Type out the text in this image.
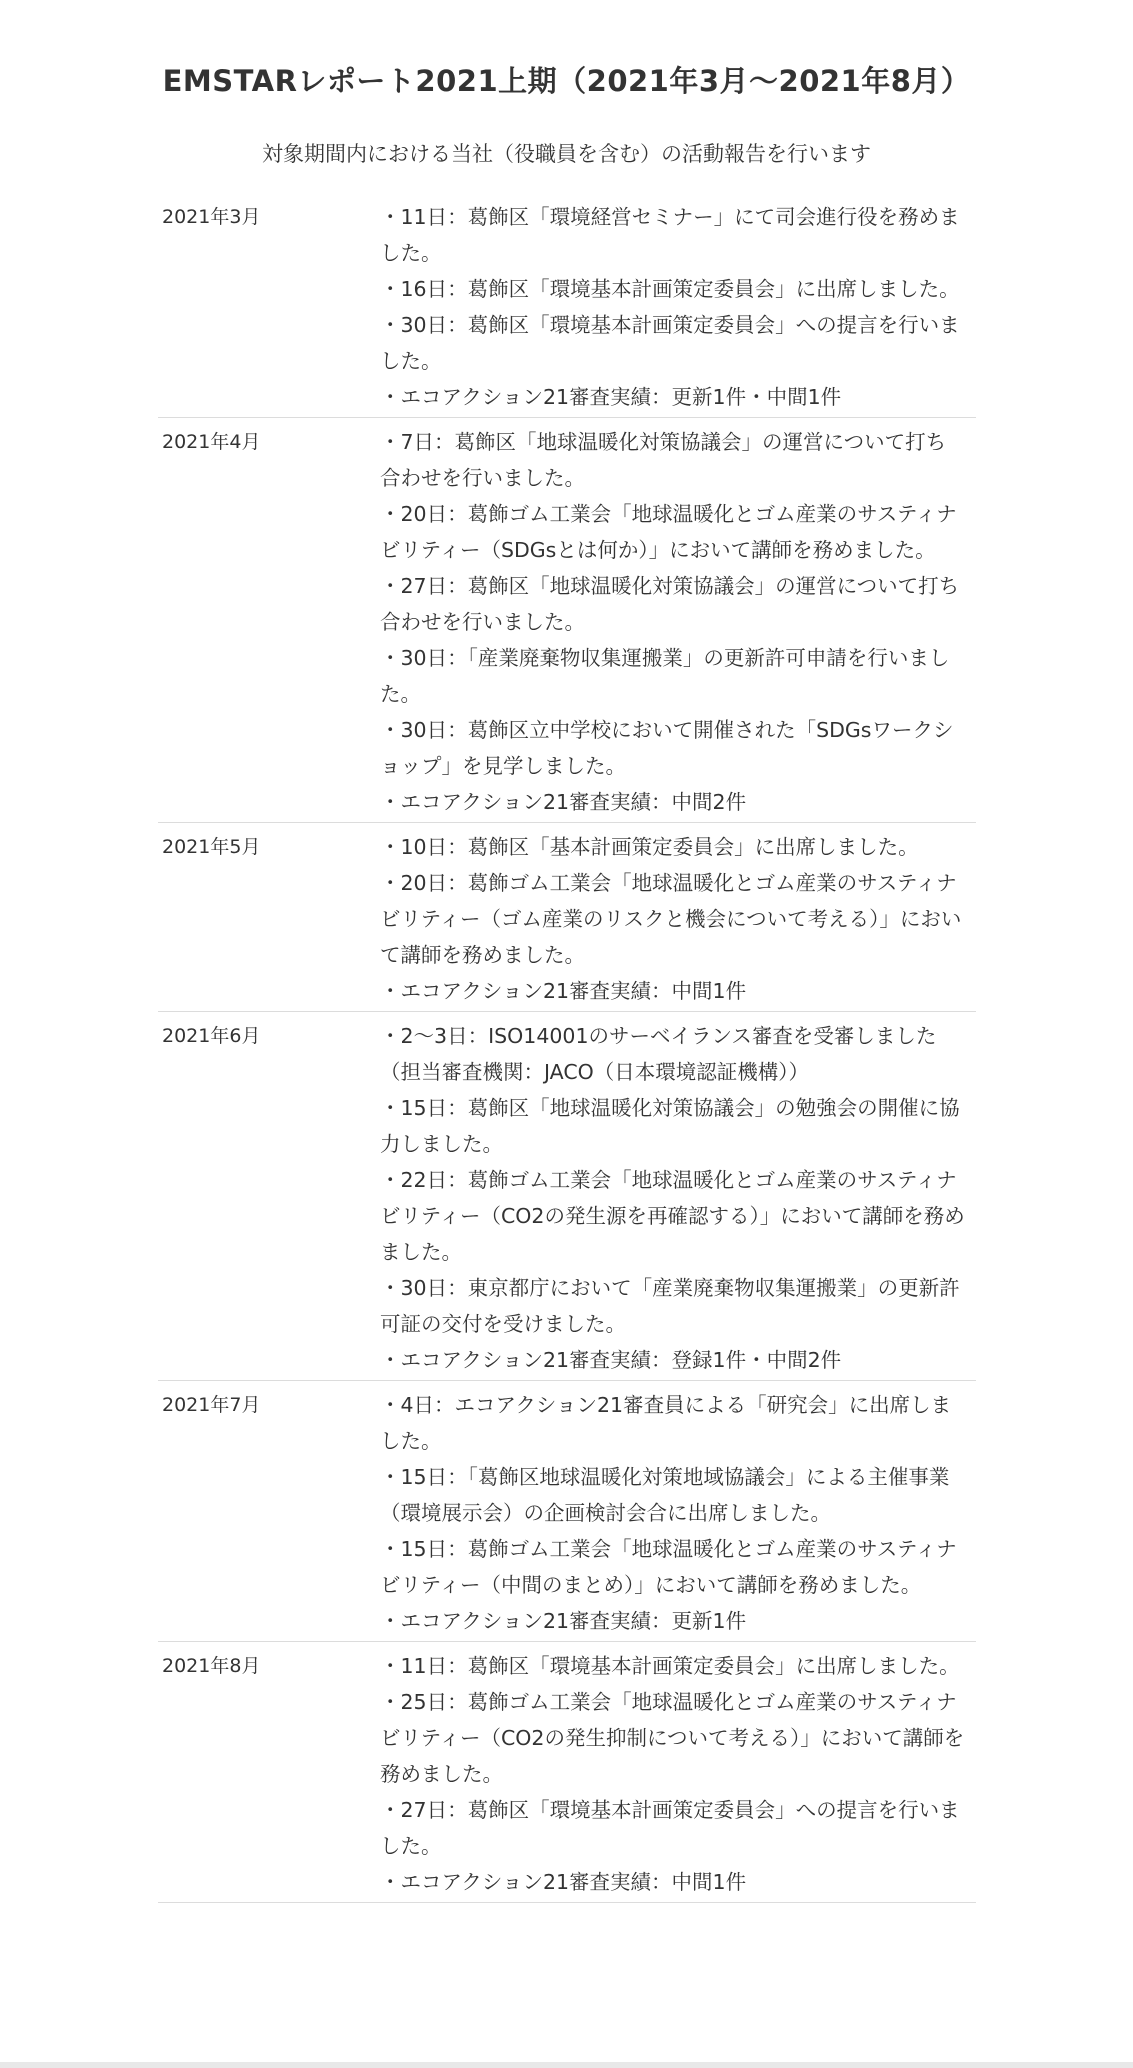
EMSTARレポート2021上期（2021年3月～2021年8月）

対象期間内における当社（役職員を含む）の活動報告を行います

2021年3月	・11日：葛飾区「環境経営セミナー」にて司会進行役を務めました。
・16日：葛飾区「環境基本計画策定委員会」に出席しました。
・30日：葛飾区「環境基本計画策定委員会」への提言を行いました。
・エコアクション21審査実績：更新1件・中間1件
2021年4月	・7日：葛飾区「地球温暖化対策協議会」の運営について打ち合わせを行いました。
・20日：葛飾ゴム工業会「地球温暖化とゴム産業のサスティナビリティー（SDGsとは何か）」において講師を務めました。
・27日：葛飾区「地球温暖化対策協議会」の運営について打ち合わせを行いました。
・30日：「産業廃棄物収集運搬業」の更新許可申請を行いました。
・30日：葛飾区立中学校において開催された「SDGsワークショップ」を見学しました。
・エコアクション21審査実績：中間2件
2021年5月	・10日：葛飾区「基本計画策定委員会」に出席しました。
・20日：葛飾ゴム工業会「地球温暖化とゴム産業のサスティナビリティー（ゴム産業のリスクと機会について考える）」において講師を務めました。
・エコアクション21審査実績：中間1件
2021年6月	・2～3日：ISO14001のサーベイランス審査を受審しました（担当審査機関：JACO（日本環境認証機構））
・15日：葛飾区「地球温暖化対策協議会」の勉強会の開催に協力しました。
・22日：葛飾ゴム工業会「地球温暖化とゴム産業のサスティナビリティー（CO2の発生源を再確認する）」において講師を務めました。
・30日：東京都庁において「産業廃棄物収集運搬業」の更新許可証の交付を受けました。
・エコアクション21審査実績：登録1件・中間2件
2021年7月	・4日：エコアクション21審査員による「研究会」に出席しました。
・15日：「葛飾区地球温暖化対策地域協議会」による主催事業（環境展示会）の企画検討会合に出席しました。
・15日：葛飾ゴム工業会「地球温暖化とゴム産業のサスティナビリティー（中間のまとめ）」において講師を務めました。
・エコアクション21審査実績：更新1件
2021年8月	・11日：葛飾区「環境基本計画策定委員会」に出席しました。
・25日：葛飾ゴム工業会「地球温暖化とゴム産業のサスティナビリティー（CO2の発生抑制について考える）」において講師を務めました。
・27日：葛飾区「環境基本計画策定委員会」への提言を行いました。
・エコアクション21審査実績：中間1件
